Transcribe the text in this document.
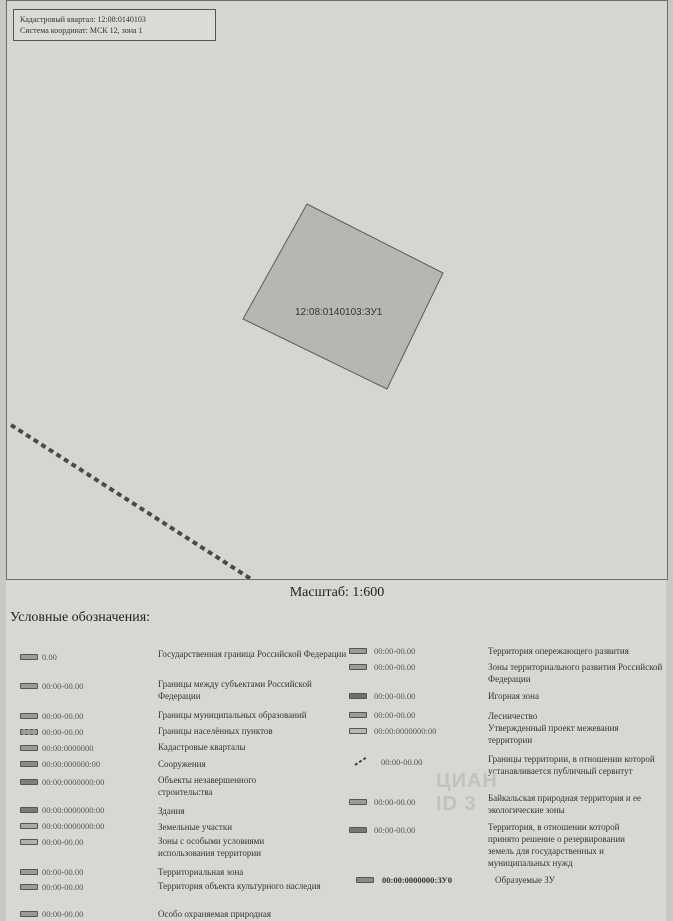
12:08:0140103:ЗУ1
Кадастровый квартал: 12:08:0140103
Система координат: МСК 12, зона 1
Масштаб: 1:600
Условные обозначения:
0.00	Государственная граница Российской Федерации
00:00-00.00	Границы между субъектами Российской Федерации
00:00-00.00	Границы муниципальных образований
00:00-00.00	Границы населённых пунктов
00:00:0000000	Кадастровые кварталы
00:00:000000:00	Сооружения
00:00:0000000:00	Объекты незавершенного строительства
00:00:0000000:00	Здания
00:00:0000000:00	Земельные участки
00:00-00.00	Зоны с особыми условиями использования территории
00:00-00.00	Территориальная зона
00:00-00.00	Территория объекта культурного наследия
00:00-00.00	Особо охраняемая природная
00:00-00.00	Территория опережающего развития
00:00-00.00	Зоны территориального развития Российской Федерации
00:00-00.00	Игорная зона
00:00-00.00	Лесничество
00:00:0000000:00	Утвержденный проект межевания территории
00:00-00.00	Границы территории, в отношении которой устанавливается публичный сервитут
00:00-00.00	Байкальская природная территория и ее экологические зоны
00:00-00.00	Территория, в отношении которой принято решение о резервировании земель для государственных и муниципальных нужд
00:00:0000000:ЗУ0	Образуемые ЗУ
ЦИАН
ID 3
